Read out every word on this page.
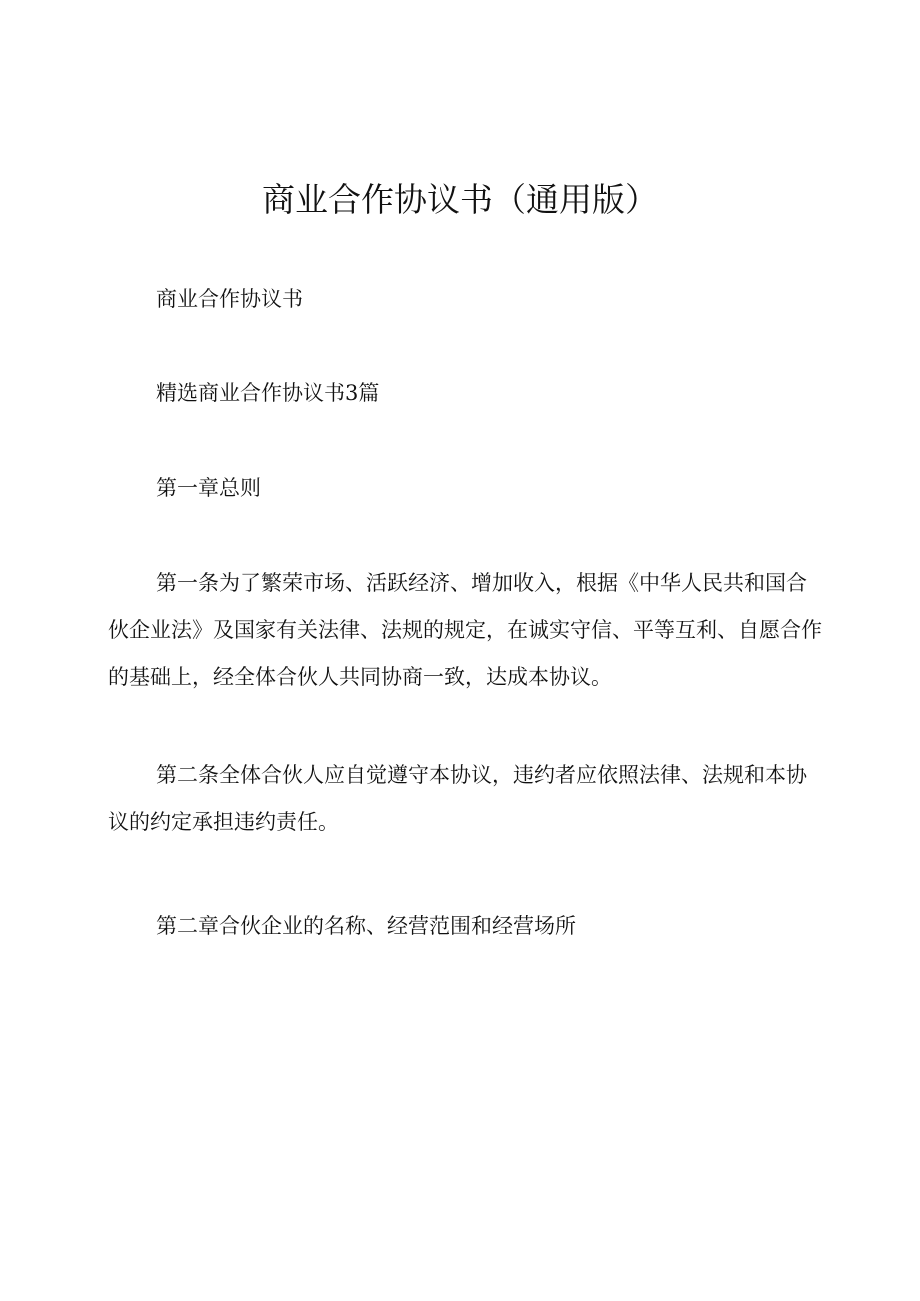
商业合作协议书（通用版）

商业合作协议书

精选商业合作协议书3篇

第一章总则

第一条为了繁荣市场、活跃经济、增加收入，根据《中华人民共和国合伙企业法》及国家有关法律、法规的规定，在诚实守信、平等互利、自愿合作的基础上，经全体合伙人共同协商一致，达成本协议。

第二条全体合伙人应自觉遵守本协议，违约者应依照法律、法规和本协议的约定承担违约责任。

第二章合伙企业的名称、经营范围和经营场所
